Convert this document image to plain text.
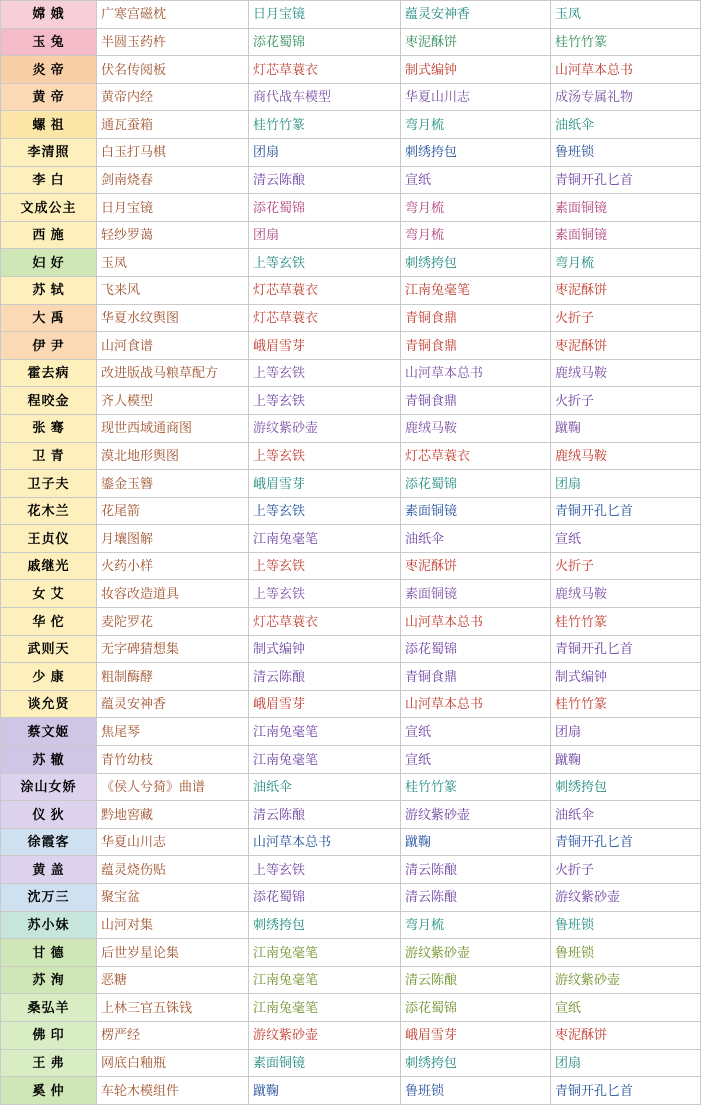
嫦 娥	广寒宫磁枕	日月宝镜	蕴灵安神香	玉凤
玉 兔	半圆玉药杵	添花蜀锦	枣泥酥饼	桂竹竹篆
炎 帝	伏名传阅板	灯芯草蓑衣	制式编钟	山河草本总书
黄 帝	黄帝内经	商代战车模型	华夏山川志	成汤专属礼物
螺 祖	通瓦蚕箱	桂竹竹篆	弯月梳	油纸伞
李清照	白玉打马棋	团扇	刺绣挎包	鲁班锁
李 白	剑南烧春	清云陈酿	宣纸	青铜开孔匕首
文成公主	日月宝镜	添花蜀锦	弯月梳	素面铜镜
西 施	轻纱罗蔼	团扇	弯月梳	素面铜镜
妇 好	玉凤	上等玄铁	刺绣挎包	弯月梳
苏 轼	飞来风	灯芯草蓑衣	江南兔毫笔	枣泥酥饼
大 禹	华夏水纹舆图	灯芯草蓑衣	青铜食鼎	火折子
伊 尹	山河食谱	峨眉雪芽	青铜食鼎	枣泥酥饼
霍去病	改进版战马粮草配方	上等玄铁	山河草本总书	鹿绒马鞍
程咬金	齐人模型	上等玄铁	青铜食鼎	火折子
张 骞	现世西域通商图	游纹紫砂壶	鹿绒马鞍	蹴鞠
卫 青	漠北地形舆图	上等玄铁	灯芯草蓑衣	鹿绒马鞍
卫子夫	鎏金玉簪	峨眉雪芽	添花蜀锦	团扇
花木兰	花尾箭	上等玄铁	素面铜镜	青铜开孔匕首
王贞仪	月壤图解	江南兔毫笔	油纸伞	宣纸
戚继光	火药小样	上等玄铁	枣泥酥饼	火折子
女 艾	妆容改造道具	上等玄铁	素面铜镜	鹿绒马鞍
华 佗	麦陀罗花	灯芯草蓑衣	山河草本总书	桂竹竹篆
武则天	无字碑猜想集	制式编钟	添花蜀锦	青铜开孔匕首
少 康	粗制酶酵	清云陈酿	青铜食鼎	制式编钟
谈允贤	蕴灵安神香	峨眉雪芽	山河草本总书	桂竹竹篆
蔡文姬	焦尾琴	江南兔毫笔	宣纸	团扇
苏 辙	青竹幼枝	江南兔毫笔	宣纸	蹴鞠
涂山女娇	《侯人兮猗》曲谱	油纸伞	桂竹竹篆	刺绣挎包
仪 狄	黔地窖藏	清云陈酿	游纹紫砂壶	油纸伞
徐霞客	华夏山川志	山河草本总书	蹴鞠	青铜开孔匕首
黄 盖	蕴灵烧伤贴	上等玄铁	清云陈酿	火折子
沈万三	聚宝盆	添花蜀锦	清云陈酿	游纹紫砂壶
苏小妹	山河对集	刺绣挎包	弯月梳	鲁班锁
甘 德	后世岁星论集	江南兔毫笔	游纹紫砂壶	鲁班锁
苏 洵	恶糖	江南兔毫笔	清云陈酿	游纹紫砂壶
桑弘羊	上林三官五铢钱	江南兔毫笔	添花蜀锦	宣纸
佛 印	楞严经	游纹紫砂壶	峨眉雪芽	枣泥酥饼
王 弗	网底白釉瓶	素面铜镜	刺绣挎包	团扇
奚 仲	车轮木模组件	蹴鞠	鲁班锁	青铜开孔匕首
